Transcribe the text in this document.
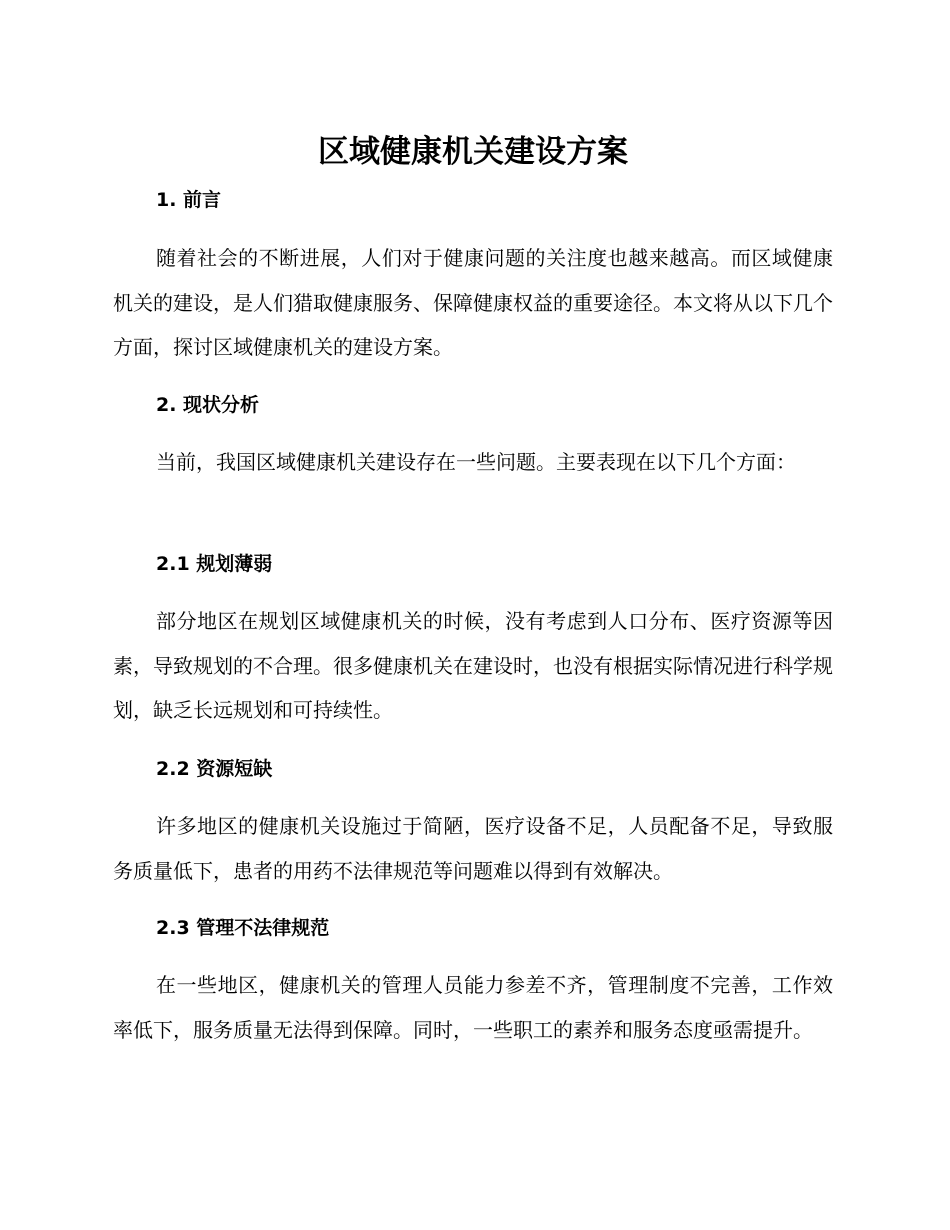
区域健康机关建设方案
1. 前言

随着社会的不断进展，人们对于健康问题的关注度也越来越高。而区域健康机关的建设，是人们猎取健康服务、保障健康权益的重要途径。本文将从以下几个方面，探讨区域健康机关的建设方案。

2. 现状分析

当前，我国区域健康机关建设存在一些问题。主要表现在以下几个方面：

2.1 规划薄弱

部分地区在规划区域健康机关的时候，没有考虑到人口分布、医疗资源等因素，导致规划的不合理。很多健康机关在建设时，也没有根据实际情况进行科学规划，缺乏长远规划和可持续性。

2.2 资源短缺

许多地区的健康机关设施过于简陋，医疗设备不足，人员配备不足，导致服务质量低下，患者的用药不法律规范等问题难以得到有效解决。

2.3 管理不法律规范

在一些地区，健康机关的管理人员能力参差不齐，管理制度不完善，工作效率低下，服务质量无法得到保障。同时，一些职工的素养和服务态度亟需提升。
